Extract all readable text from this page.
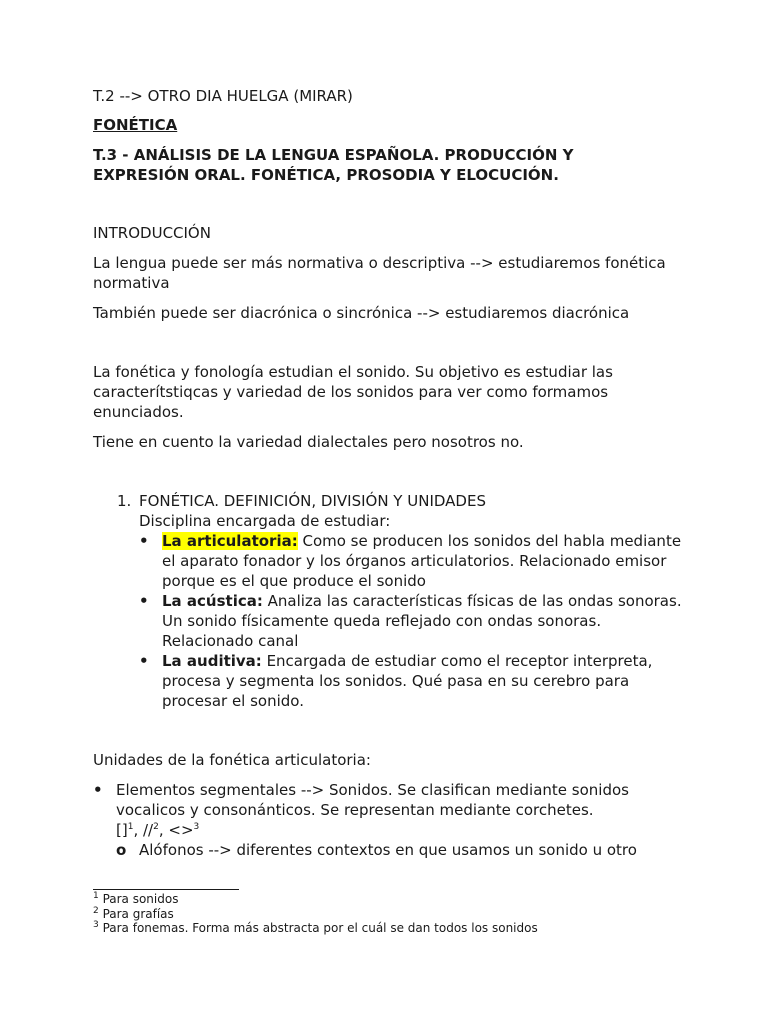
T.2 --> OTRO DIA HUELGA (MIRAR)

FONÉTICA

T.3 - ANÁLISIS DE LA LENGUA ESPAÑOLA. PRODUCCIÓN Y
EXPRESIÓN ORAL. FONÉTICA, PROSODIA Y ELOCUCIÓN.

INTRODUCCIÓN

La lengua puede ser más normativa o descriptiva --> estudiaremos fonética normativa

También puede ser diacrónica o sincrónica --> estudiaremos diacrónica

La fonética y fonología estudian el sonido. Su objetivo es estudiar las caracterítstiqcas y variedad de los sonidos para ver como formamos enunciados.

Tiene en cuento la variedad dialectales pero nosotros no.

1. FONÉTICA. DEFINICIÓN, DIVISIÓN Y UNIDADES

Disciplina encargada de estudiar:

• La articulatoria: Como se producen los sonidos del habla mediante el aparato fonador y los órganos articulatorios. Relacionado emisor porque es el que produce el sonido
• La acústica: Analiza las características físicas de las ondas sonoras. Un sonido físicamente queda reflejado con ondas sonoras. Relacionado canal
• La auditiva: Encargada de estudiar como el receptor interpreta, procesa y segmenta los sonidos. Qué pasa en su cerebro para procesar el sonido.

Unidades de la fonética articulatoria:

• Elementos segmentales --> Sonidos. Se clasifican mediante sonidos vocalicos y consonánticos. Se representan mediante corchetes.
[]$^1$, //$^2$, <>$^3$
o Alófonos --> diferentes contextos en que usamos un sonido u otro
$^1$ Para sonidos
$^2$ Para grafías
$^3$ Para fonemas. Forma más abstracta por el cuál se dan todos los sonidos
